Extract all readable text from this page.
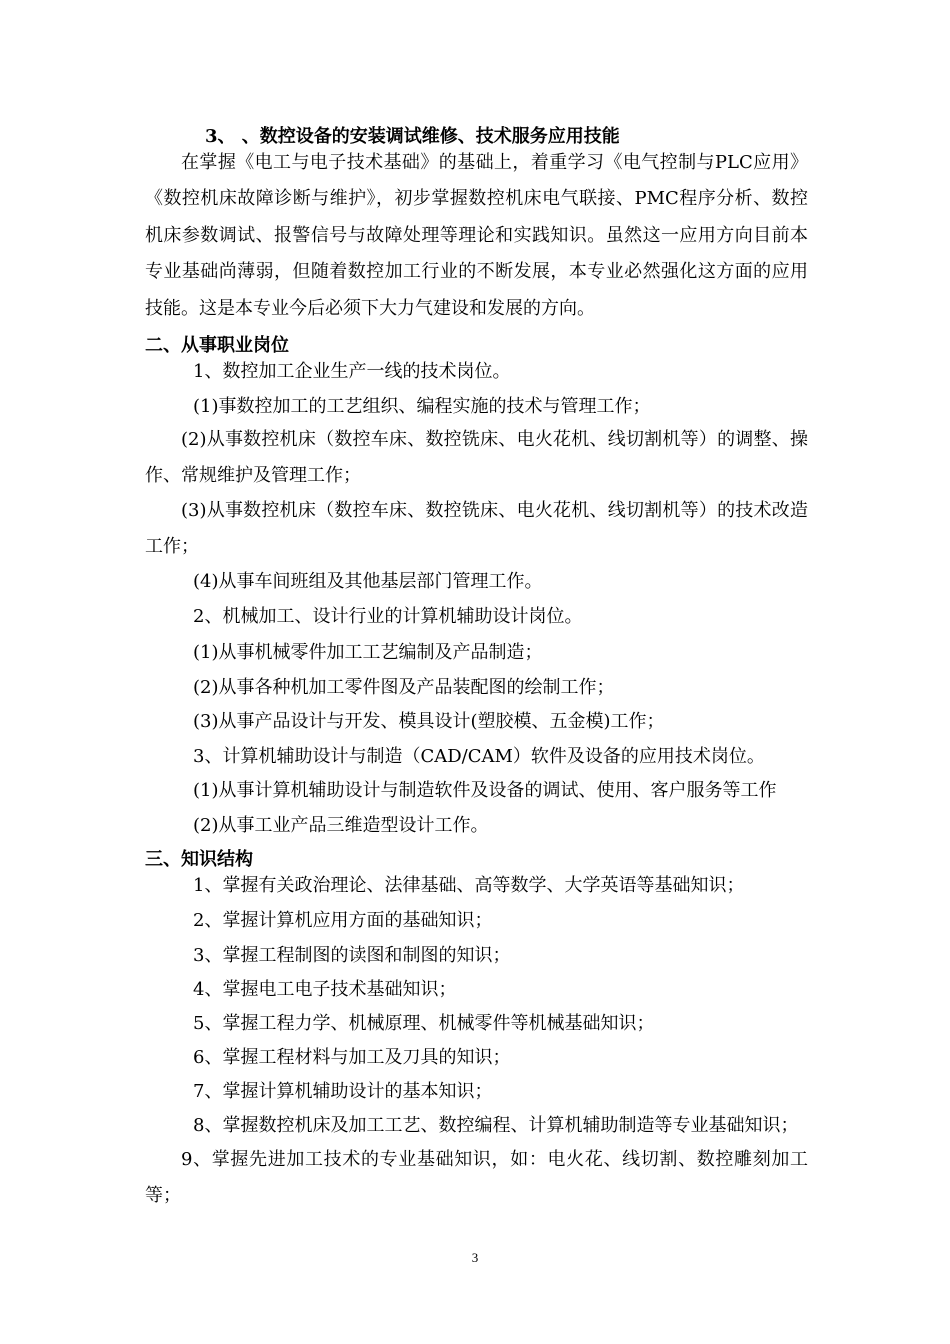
3、 、数控设备的安装调试维修、技术服务应用技能

在掌握《电工与电子技术基础》的基础上，着重学习《电气控制与PLC应用》《数控机床故障诊断与维护》，初步掌握数控机床电气联接、PMC程序分析、数控机床参数调试、报警信号与故障处理等理论和实践知识。虽然这一应用方向目前本专业基础尚薄弱，但随着数控加工行业的不断发展，本专业必然强化这方面的应用技能。这是本专业今后必须下大力气建设和发展的方向。

二、从事职业岗位
1、数控加工企业生产一线的技术岗位。
(1)事数控加工的工艺组织、编程实施的技术与管理工作；

(2)从事数控机床（数控车床、数控铣床、电火花机、线切割机等）的调整、操作、常规维护及管理工作；

(3)从事数控机床（数控车床、数控铣床、电火花机、线切割机等）的技术改造工作；

(4)从事车间班组及其他基层部门管理工作。
2、机械加工、设计行业的计算机辅助设计岗位。
(1)从事机械零件加工工艺编制及产品制造；
(2)从事各种机加工零件图及产品装配图的绘制工作；
(3)从事产品设计与开发、模具设计(塑胶模、五金模)工作；
3、计算机辅助设计与制造（CAD/CAM）软件及设备的应用技术岗位。
(1)从事计算机辅助设计与制造软件及设备的调试、使用、客户服务等工作
(2)从事工业产品三维造型设计工作。
三、知识结构
1、掌握有关政治理论、法律基础、高等数学、大学英语等基础知识；
2、掌握计算机应用方面的基础知识；
3、掌握工程制图的读图和制图的知识；
4、掌握电工电子技术基础知识；
5、掌握工程力学、机械原理、机械零件等机械基础知识；
6、掌握工程材料与加工及刀具的知识；
7、掌握计算机辅助设计的基本知识；
8、掌握数控机床及加工工艺、数控编程、计算机辅助制造等专业基础知识；

9、掌握先进加工技术的专业基础知识，如：电火花、线切割、数控雕刻加工等；

3
